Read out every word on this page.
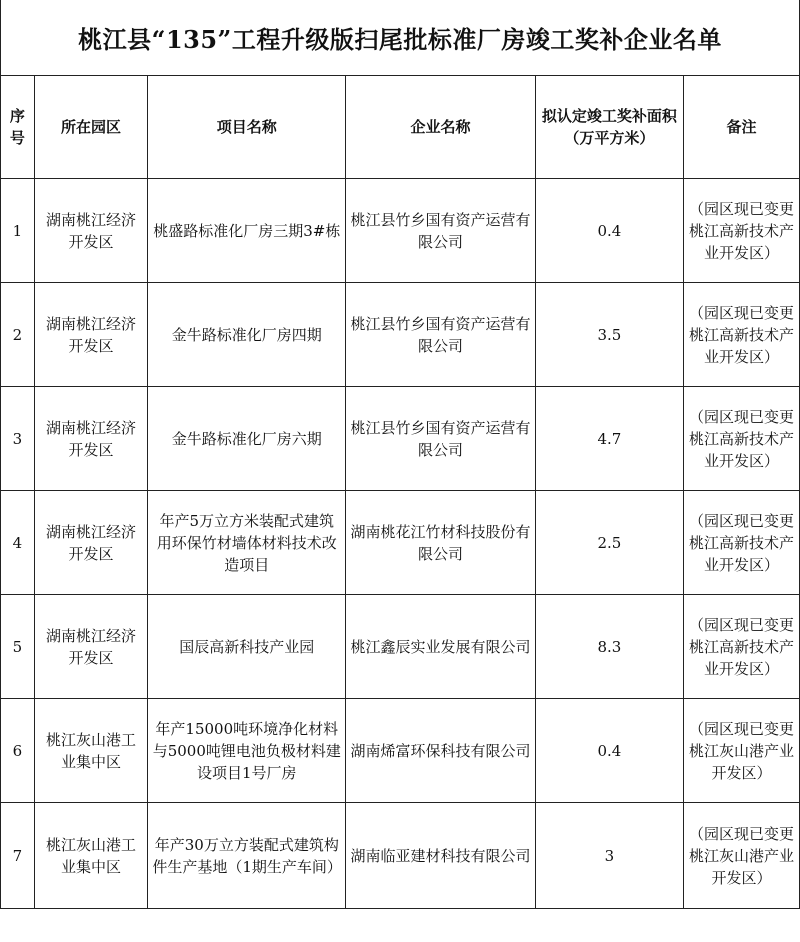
桃江县“135”工程升级版扫尾批标准厂房竣工奖补企业名单					
序号	所在园区	项目名称	企业名称	拟认定竣工奖补面积（万平方米）	备注
1	湖南桃江经济开发区	桃盛路标准化厂房三期3#栋	桃江县竹乡国有资产运营有限公司	0.4	（园区现已变更桃江高新技术产业开发区）
2	湖南桃江经济开发区	金牛路标准化厂房四期	桃江县竹乡国有资产运营有限公司	3.5	（园区现已变更桃江高新技术产业开发区）
3	湖南桃江经济开发区	金牛路标准化厂房六期	桃江县竹乡国有资产运营有限公司	4.7	（园区现已变更桃江高新技术产业开发区）
4	湖南桃江经济开发区	年产5万立方米装配式建筑用环保竹材墙体材料技术改造项目	湖南桃花江竹材科技股份有限公司	2.5	（园区现已变更桃江高新技术产业开发区）
5	湖南桃江经济开发区	国辰高新科技产业园	桃江鑫辰实业发展有限公司	8.3	（园区现已变更桃江高新技术产业开发区）
6	桃江灰山港工业集中区	年产15000吨环境净化材料与5000吨锂电池负极材料建设项目1号厂房	湖南烯富环保科技有限公司	0.4	（园区现已变更桃江灰山港产业开发区）
7	桃江灰山港工业集中区	年产30万立方装配式建筑构件生产基地（1期生产车间）	湖南临亚建材科技有限公司	3	（园区现已变更桃江灰山港产业开发区）
